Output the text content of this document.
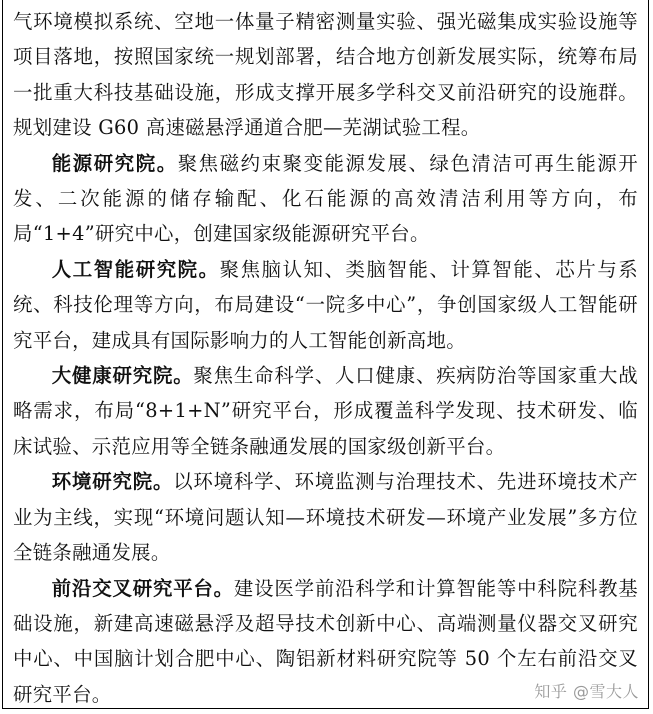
气环境模拟系统、空地一体量子精密测量实验、强光磁集成实验设施等项目落地，按照国家统一规划部署，结合地方创新发展实际，统筹布局一批重大科技基础设施，形成支撑开展多学科交叉前沿研究的设施群。规划建设 G60 高速磁悬浮通道合肥—芜湖试验工程。

能源研究院。聚焦磁约束聚变能源发展、绿色清洁可再生能源开发、二次能源的储存输配、化石能源的高效清洁利用等方向，布局“1+4”研究中心，创建国家级能源研究平台。

人工智能研究院。聚焦脑认知、类脑智能、计算智能、芯片与系统、科技伦理等方向，布局建设“一院多中心”，争创国家级人工智能研究平台，建成具有国际影响力的人工智能创新高地。

大健康研究院。聚焦生命科学、人口健康、疾病防治等国家重大战略需求，布局“8+1+N”研究平台，形成覆盖科学发现、技术研发、临床试验、示范应用等全链条融通发展的国家级创新平台。

环境研究院。以环境科学、环境监测与治理技术、先进环境技术产业为主线，实现“环境问题认知—环境技术研发—环境产业发展”多方位全链条融通发展。

前沿交叉研究平台。建设医学前沿科学和计算智能等中科院科教基础设施，新建高速磁悬浮及超导技术创新中心、高端测量仪器交叉研究中心、中国脑计划合肥中心、陶铝新材料研究院等 50 个左右前沿交叉研究平台。	知乎 @雪大人
